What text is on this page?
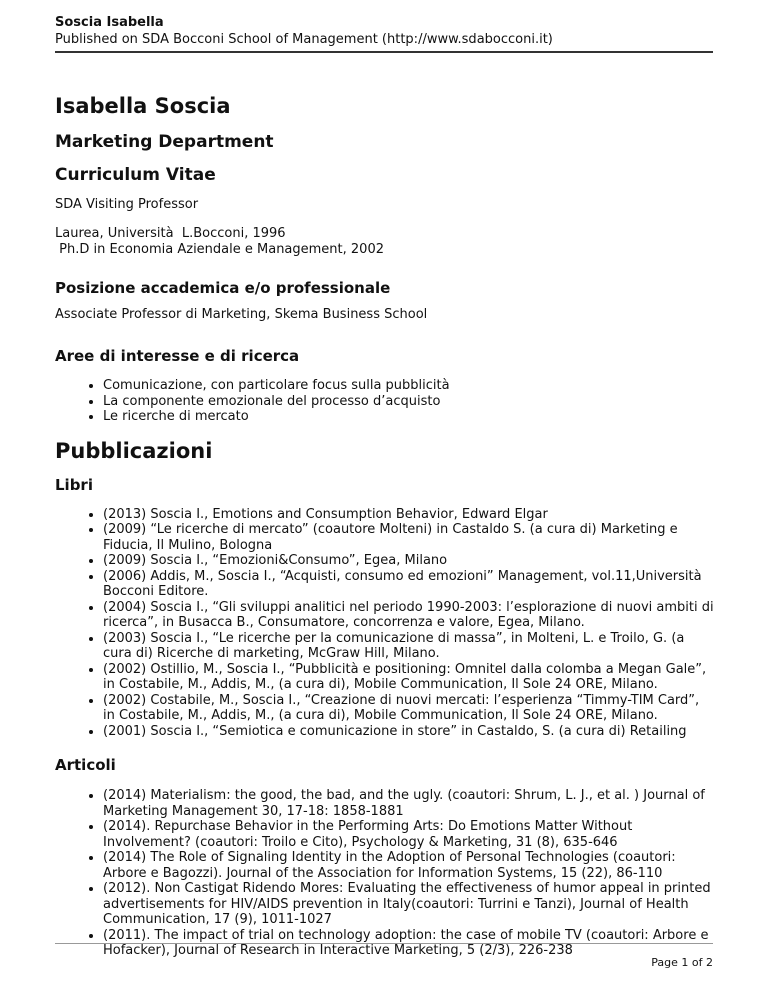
Soscia Isabella
Published on SDA Bocconi School of Management (http://www.sdabocconi.it)
Isabella Soscia
Marketing Department
Curriculum Vitae
SDA Visiting Professor
Laurea, Università  L.Bocconi, 1996
Ph.D in Economia Aziendale e Management, 2002
Posizione accademica e/o professionale
Associate Professor di Marketing, Skema Business School
Aree di interesse e di ricerca
• Comunicazione, con particolare focus sulla pubblicità
• La componente emozionale del processo d’acquisto
• Le ricerche di mercato
Pubblicazioni
Libri
• (2013) Soscia I., Emotions and Consumption Behavior, Edward Elgar
• (2009) “Le ricerche di mercato” (coautore Molteni) in Castaldo S. (a cura di) Marketing e Fiducia, Il Mulino, Bologna
• (2009) Soscia I., “Emozioni&Consumo”, Egea, Milano
• (2006) Addis, M., Soscia I., “Acquisti, consumo ed emozioni” Management, vol.11,Università Bocconi Editore.
• (2004) Soscia I., “Gli sviluppi analitici nel periodo 1990-2003: l’esplorazione di nuovi ambiti di ricerca”, in Busacca B., Consumatore, concorrenza e valore, Egea, Milano.
• (2003) Soscia I., “Le ricerche per la comunicazione di massa”, in Molteni, L. e Troilo, G. (a cura di) Ricerche di marketing, McGraw Hill, Milano.
• (2002) Ostillio, M., Soscia I., “Pubblicità e positioning: Omnitel dalla colomba a Megan Gale”, in Costabile, M., Addis, M., (a cura di), Mobile Communication, Il Sole 24 ORE, Milano.
• (2002) Costabile, M., Soscia I., “Creazione di nuovi mercati: l’esperienza “Timmy-TIM Card”, in Costabile, M., Addis, M., (a cura di), Mobile Communication, Il Sole 24 ORE, Milano.
• (2001) Soscia I., “Semiotica e comunicazione in store” in Castaldo, S. (a cura di) Retailing
Articoli
• (2014) Materialism: the good, the bad, and the ugly. (coautori: Shrum, L. J., et al. ) Journal of Marketing Management 30, 17-18: 1858-1881
• (2014). Repurchase Behavior in the Performing Arts: Do Emotions Matter Without Involvement? (coautori: Troilo e Cito), Psychology & Marketing, 31 (8), 635-646
• (2014) The Role of Signaling Identity in the Adoption of Personal Technologies (coautori: Arbore e Bagozzi). Journal of the Association for Information Systems, 15 (22), 86-110
• (2012). Non Castigat Ridendo Mores: Evaluating the effectiveness of humor appeal in printed advertisements for HIV/AIDS prevention in Italy(coautori: Turrini e Tanzi), Journal of Health Communication, 17 (9), 1011-1027
• (2011). The impact of trial on technology adoption: the case of mobile TV (coautori: Arbore e Hofacker), Journal of Research in Interactive Marketing, 5 (2/3), 226-238
Page 1 of 2
